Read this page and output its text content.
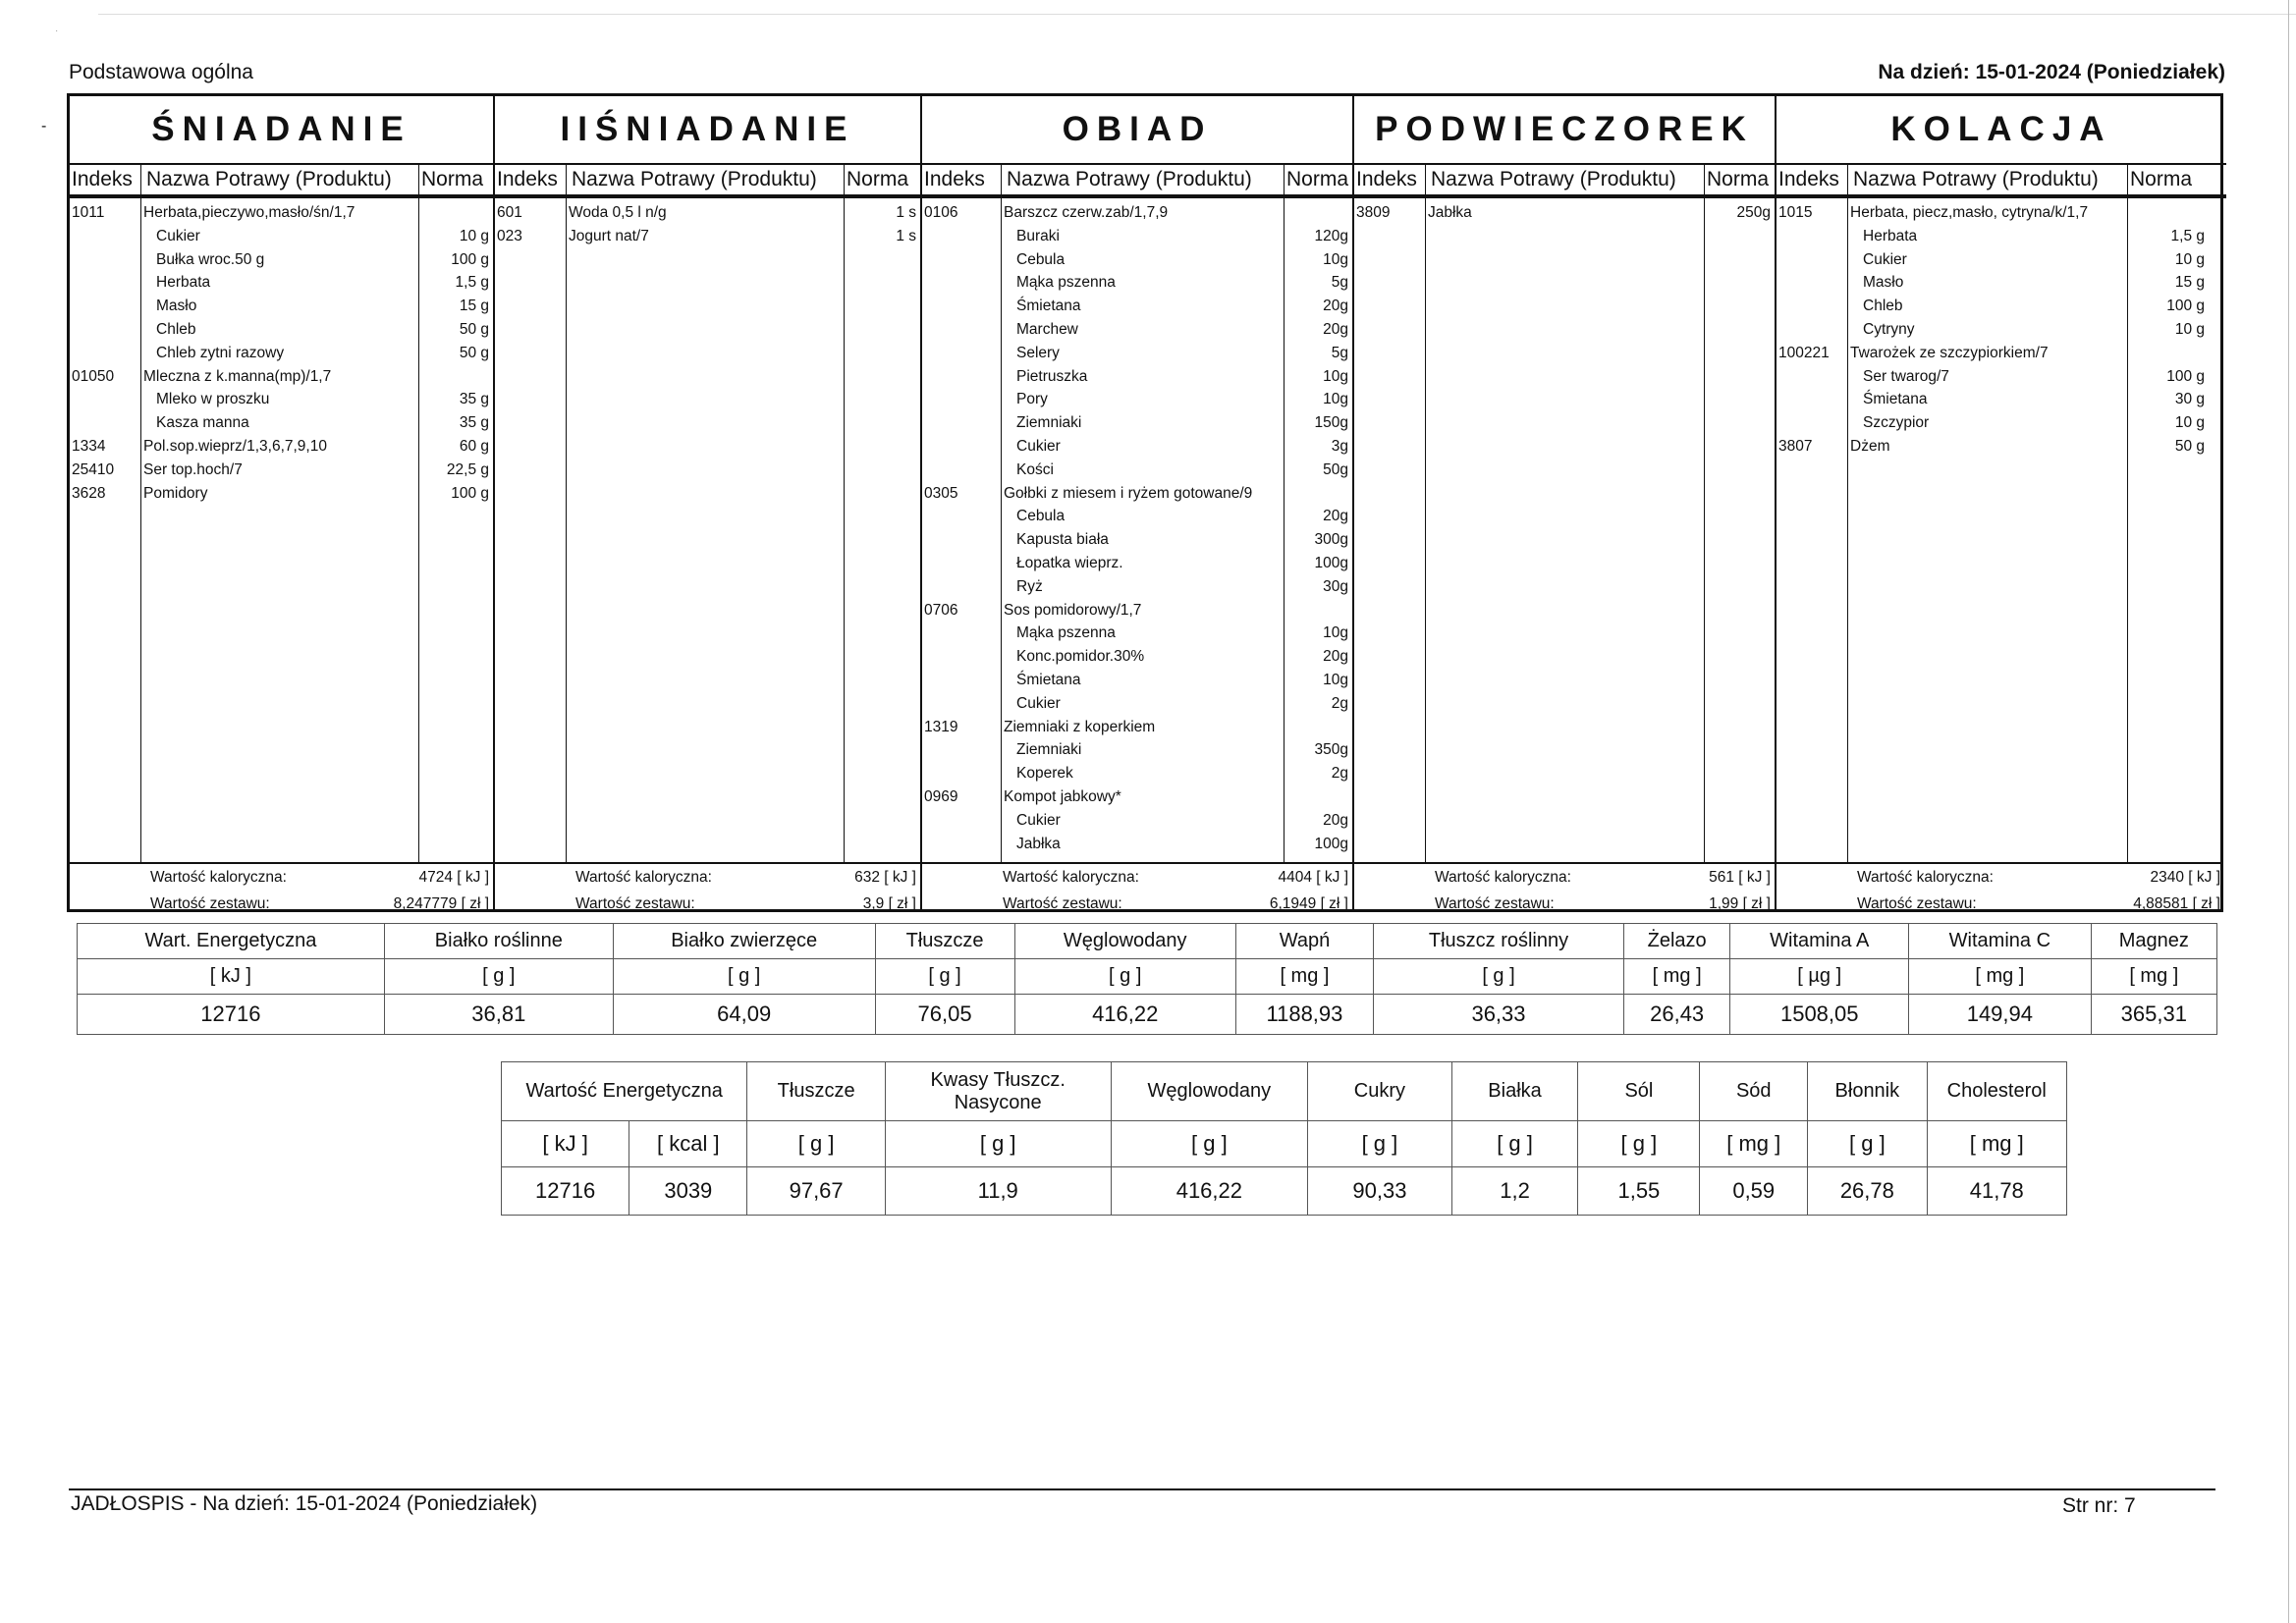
·
-
Podstawowa ogólna	Na dzień: 15-01-2024 (Poniedziałek)
ŚNIADANIE
Indeks Nazwa Potrawy (Produktu)	Norma
1011	Herbata,pieczywo,masło/śn/1,7
Cukier	10 g
Bułka wroc.50 g	100 g
Herbata	1,5 g
Masło	15 g
Chleb	50 g
Chleb zytni razowy	50 g
01050 Mleczna z k.manna(mp)/1,7
Mleko w proszku	35 g
Kasza manna	35 g
1334 Pol.sop.wieprz/1,3,6,7,9,10	60 g
25410 Ser top.hoch/7	22,5 g
3628 Pomidory	100 g
Wartość kaloryczna:	4724 [ kJ ]
Wartość zestawu:	8,247779 [ zł ]
IIŚNIADANIE
Indeks Nazwa Potrawy (Produktu)	Norma
601	Woda 0,5 l n/g	1 s
023	Jogurt nat/7	1 s
Wartość kaloryczna:	632 [ kJ ]
Wartość zestawu:	3,9 [ zł ]
OBIAD
Indeks	Nazwa Potrawy (Produktu)	Norma
0106	Barszcz czerw.zab/1,7,9
Buraki	120g
Cebula	10g
Mąka pszenna	5g
Śmietana	20g
Marchew	20g
Selery	5g
Pietruszka	10g
Pory	10g
Ziemniaki	150g
Cukier	3g
Kości	50g
0305	Gołbki z miesem i ryżem gotowane/9
Cebula	20g
Kapusta biała	300g
Łopatka wieprz.	100g
Ryż	30g
0706	Sos pomidorowy/1,7
Mąka pszenna	10g
Konc.pomidor.30%	20g
Śmietana	10g
Cukier	2g
1319	Ziemniaki z koperkiem
Ziemniaki	350g
Koperek	2g
0969	Kompot jabkowy*
Cukier	20g
Jabłka	100g
Wartość kaloryczna:	4404 [ kJ ]
Wartość zestawu:	6,1949 [ zł ]
PODWIECZOREK
Indeks Nazwa Potrawy (Produktu)	Norma
3809 Jabłka	250g
Wartość kaloryczna:	561 [ kJ ]
Wartość zestawu:	1,99 [ zł ]
KOLACJA
Indeks Nazwa Potrawy (Produktu)	Norma
1015 Herbata, piecz,masło, cytryna/k/1,7
Herbata	1,5 g
Cukier	10 g
Masło	15 g
Chleb	100 g
Cytryny	10 g
100221 Twarożek ze szczypiorkiem/7
Ser twarog/7	100 g
Śmietana	30 g
Szczypior	10 g
3807 Dżem	50 g
Wartość kaloryczna:	2340 [ kJ ]
Wartość zestawu:	4,88581 [ zł ]
Wart. Energetyczna	Białko roślinne	Białko zwierzęce	Tłuszcze	Węglowodany	Wapń	Tłuszcz roślinny	Żelazo	Witamina A	Witamina C	Magnez
[ kJ ]	[ g ]	[ g ]	[ g ]	[ g ]	[ mg ]	[ g ]	[ mg ]	[ µg ]	[ mg ]	[ mg ]
12716	36,81	64,09	76,05	416,22	1188,93	36,33	26,43	1508,05	149,94	365,31
Wartość Energetyczna		Tłuszcze	Kwasy Tłuszcz. Nasycone	Węglowodany	Cukry	Białka	Sól	Sód	Błonnik	Cholesterol
[ kJ ]	[ kcal ]	[ g ]	[ g ]	[ g ]	[ g ]	[ g ]	[ g ]	[ mg ]	[ g ]	[ mg ]
12716	3039	97,67	11,9	416,22	90,33	1,2	1,55	0,59	26,78	41,78
JADŁOSPIS - Na dzień: 15-01-2024 (Poniedziałek)	Str nr: 7
